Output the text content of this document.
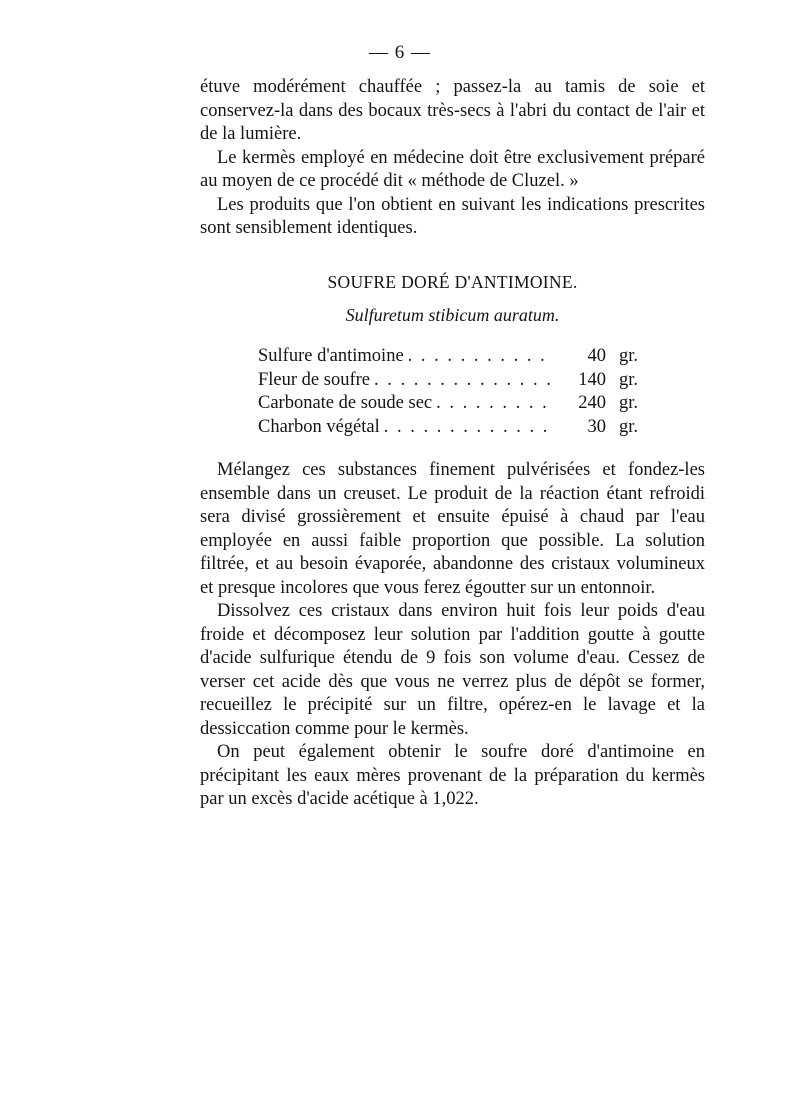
— 6 —

étuve modérément chauffée ; passez-la au tamis de soie et conservez-la dans des bocaux très-secs à l'abri du contact de l'air et de la lumière.

Le kermès employé en médecine doit être exclusivement préparé au moyen de ce procédé dit « méthode de Cluzel. »

Les produits que l'on obtient en suivant les indications prescrites sont sensiblement identiques.

SOUFRE DORÉ D'ANTIMOINE.
Sulfuretum stibicum auratum.
Sulfure d'antimoine . . .	40 gr.
Fleur de soufre . . .	140 gr.
Carbonate de soude sec . . .	240 gr.
Charbon végétal . . .	30 gr.

Mélangez ces substances finement pulvérisées et fondez-les ensemble dans un creuset. Le produit de la réaction étant refroidi sera divisé grossièrement et ensuite épuisé à chaud par l'eau employée en aussi faible proportion que possible. La solution filtrée, et au besoin évaporée, abandonne des cristaux volumineux et presque incolores que vous ferez égoutter sur un entonnoir.

Dissolvez ces cristaux dans environ huit fois leur poids d'eau froide et décomposez leur solution par l'addition goutte à goutte d'acide sulfurique étendu de 9 fois son volume d'eau. Cessez de verser cet acide dès que vous ne verrez plus de dépôt se former, recueillez le précipité sur un filtre, opérez-en le lavage et la dessiccation comme pour le kermès.

On peut également obtenir le soufre doré d'antimoine en précipitant les eaux mères provenant de la préparation du kermès par un excès d'acide acétique à 1,022.
